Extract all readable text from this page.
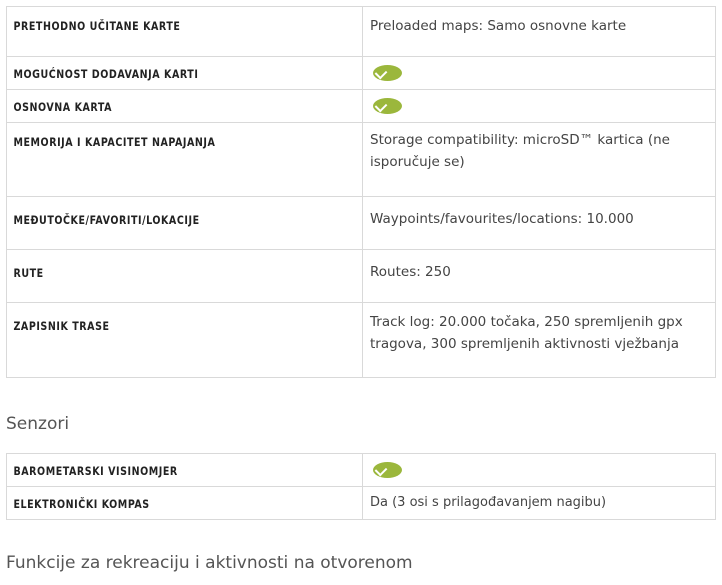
PRETHODNO UČITANE KARTE	Preloaded maps: Samo osnovne karte

MOGUĆNOST DODAVANJA KARTI	

OSNOVNA KARTA	

MEMORIJA I KAPACITET NAPAJANJA	Storage compatibility: microSD™ kartica (ne isporučuje se)

MEĐUTOČKE/FAVORITI/LOKACIJE	Waypoints/favourites/locations: 10.000

RUTE	Routes: 250

ZAPISNIK TRASE	Track log: 20.000 točaka, 250 spremljenih gpx tragova, 300 spremljenih aktivnosti vježbanja
Senzori
BAROMETARSKI VISINOMJER	

ELEKTRONIČKI KOMPAS	Da (3 osi s prilagođavanjem nagibu)
Funkcije za rekreaciju i aktivnosti na otvorenom
